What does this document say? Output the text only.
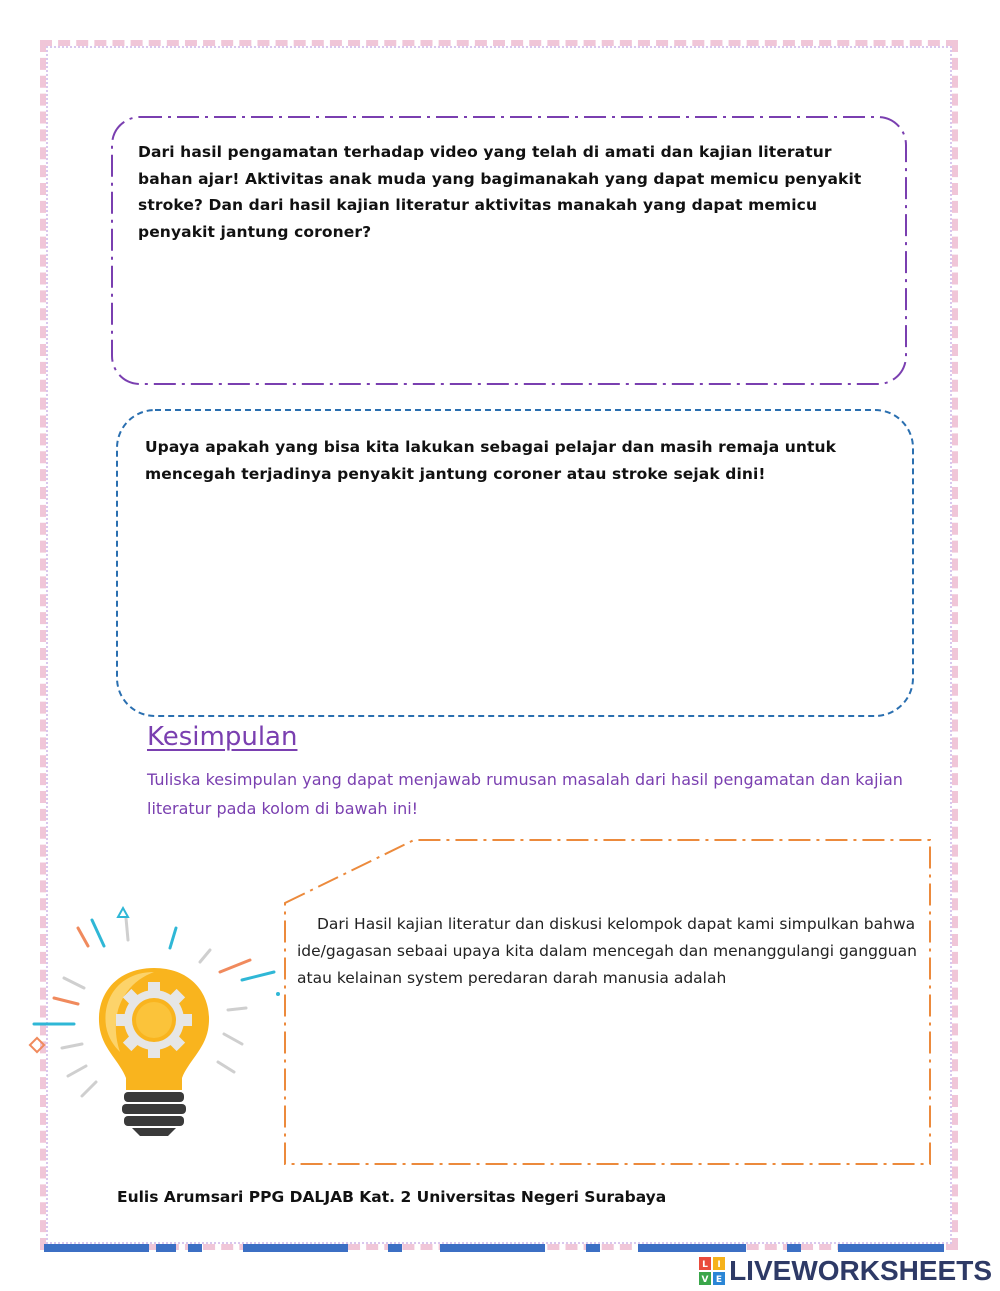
Dari hasil pengamatan terhadap video yang telah di amati dan kajian literatur bahan ajar! Aktivitas anak muda yang bagimanakah yang dapat memicu penyakit stroke? Dan dari hasil kajian literatur aktivitas manakah yang dapat memicu penyakit jantung coroner?
Upaya apakah yang bisa kita lakukan sebagai pelajar dan masih remaja untuk mencegah terjadinya penyakit jantung coroner atau stroke sejak dini!
Kesimpulan
Tuliska kesimpulan yang dapat menjawab rumusan masalah dari hasil pengamatan dan kajian literatur pada kolom di bawah ini!
Dari Hasil kajian literatur dan diskusi kelompok dapat kami simpulkan bahwa ide/gagasan sebaai upaya kita dalam mencegah dan menanggulangi gangguan atau kelainan system peredaran darah manusia adalah
Eulis Arumsari PPG DALJAB Kat. 2 Universitas Negeri Surabaya
L I
V E LIVEWORKSHEETS
